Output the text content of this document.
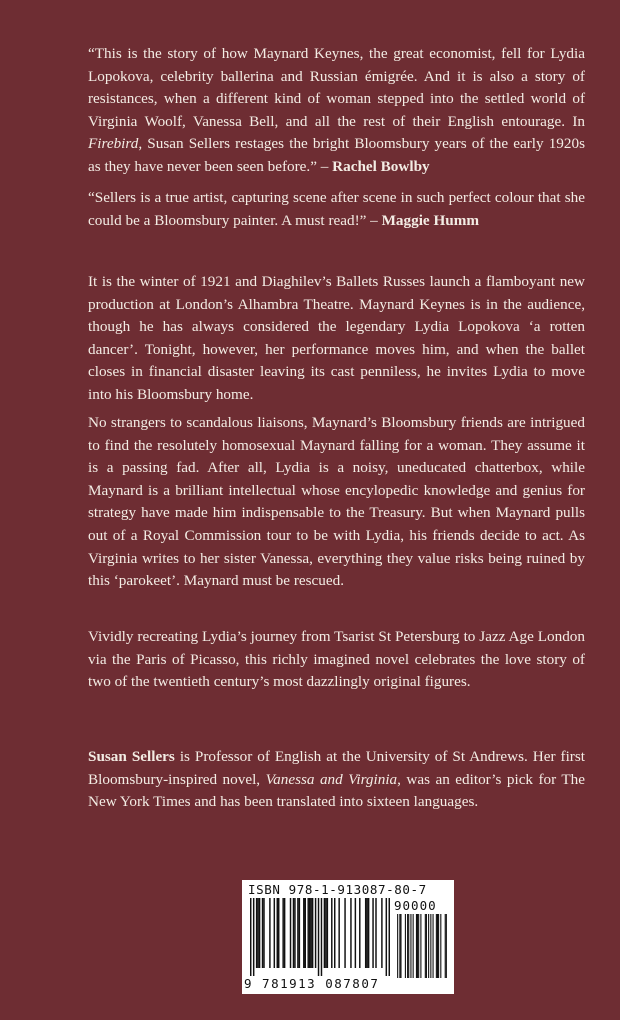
“This is the story of how Maynard Keynes, the great economist, fell for Lydia Lopokova, celebrity ballerina and Russian émigrée. And it is also a story of resistances, when a different kind of woman stepped into the settled world of Virginia Woolf, Vanessa Bell, and all the rest of their English entourage. In Firebird, Susan Sellers restages the bright Bloomsbury years of the early 1920s as they have never been seen before.” – Rachel Bowlby

“Sellers is a true artist, capturing scene after scene in such perfect colour that she could be a Bloomsbury painter. A must read!” – Maggie Humm

It is the winter of 1921 and Diaghilev’s Ballets Russes launch a flamboyant new production at London’s Alhambra Theatre. Maynard Keynes is in the audience, though he has always considered the legendary Lydia Lopokova ‘a rotten dancer’. Tonight, however, her performance moves him, and when the ballet closes in financial disaster leaving its cast penniless, he invites Lydia to move into his Bloomsbury home.

No strangers to scandalous liaisons, Maynard’s Bloomsbury friends are intrigued to find the resolutely homosexual Maynard falling for a woman. They assume it is a passing fad. After all, Lydia is a noisy, uneducated chatterbox, while Maynard is a brilliant intellectual whose encylopedic knowledge and genius for strategy have made him indispensable to the Treasury. But when Maynard pulls out of a Royal Commission tour to be with Lydia, his friends decide to act. As Virginia writes to her sister Vanessa, everything they value risks being ruined by this ‘parokeet’. Maynard must be rescued.

Vividly recreating Lydia’s journey from Tsarist St Petersburg to Jazz Age London via the Paris of Picasso, this richly imagined novel celebrates the love story of two of the twentieth century’s most dazzlingly original figures.

Susan Sellers is Professor of English at the University of St Andrews. Her first Bloomsbury-inspired novel, Vanessa and Virginia, was an editor’s pick for The New York Times and has been translated into sixteen languages.

ISBN 978-1-913087-80-7
90000
9 781913 087807
